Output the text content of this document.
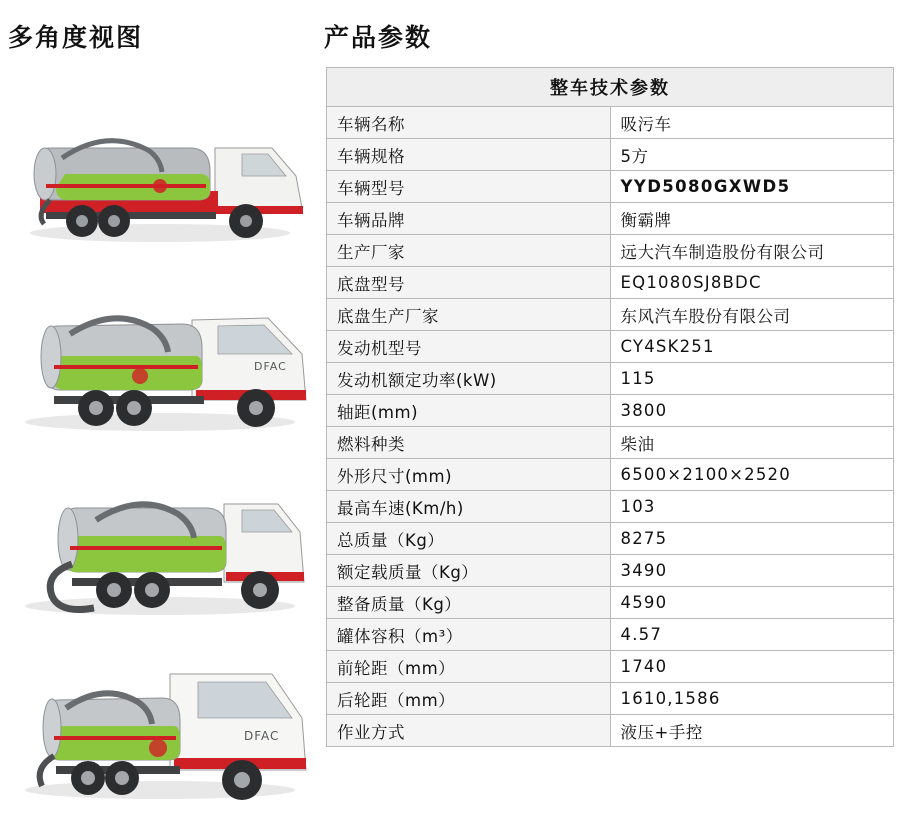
多角度视图
DFAC
DFAC
产品参数
整车技术参数	
车辆名称	吸污车
车辆规格	5方
车辆型号	YYD5080GXWD5
车辆品牌	衡霸牌
生产厂家	远大汽车制造股份有限公司
底盘型号	EQ1080SJ8BDC
底盘生产厂家	东风汽车股份有限公司
发动机型号	CY4SK251
发动机额定功率(kW)	115
轴距(mm)	3800
燃料种类	柴油
外形尺寸(mm)	6500×2100×2520
最高车速(Km/h)	103
总质量（Kg）	8275
额定载质量（Kg）	3490
整备质量（Kg）	4590
罐体容积（m³）	4.57
前轮距（mm）	1740
后轮距（mm）	1610,1586
作业方式	液压+手控
